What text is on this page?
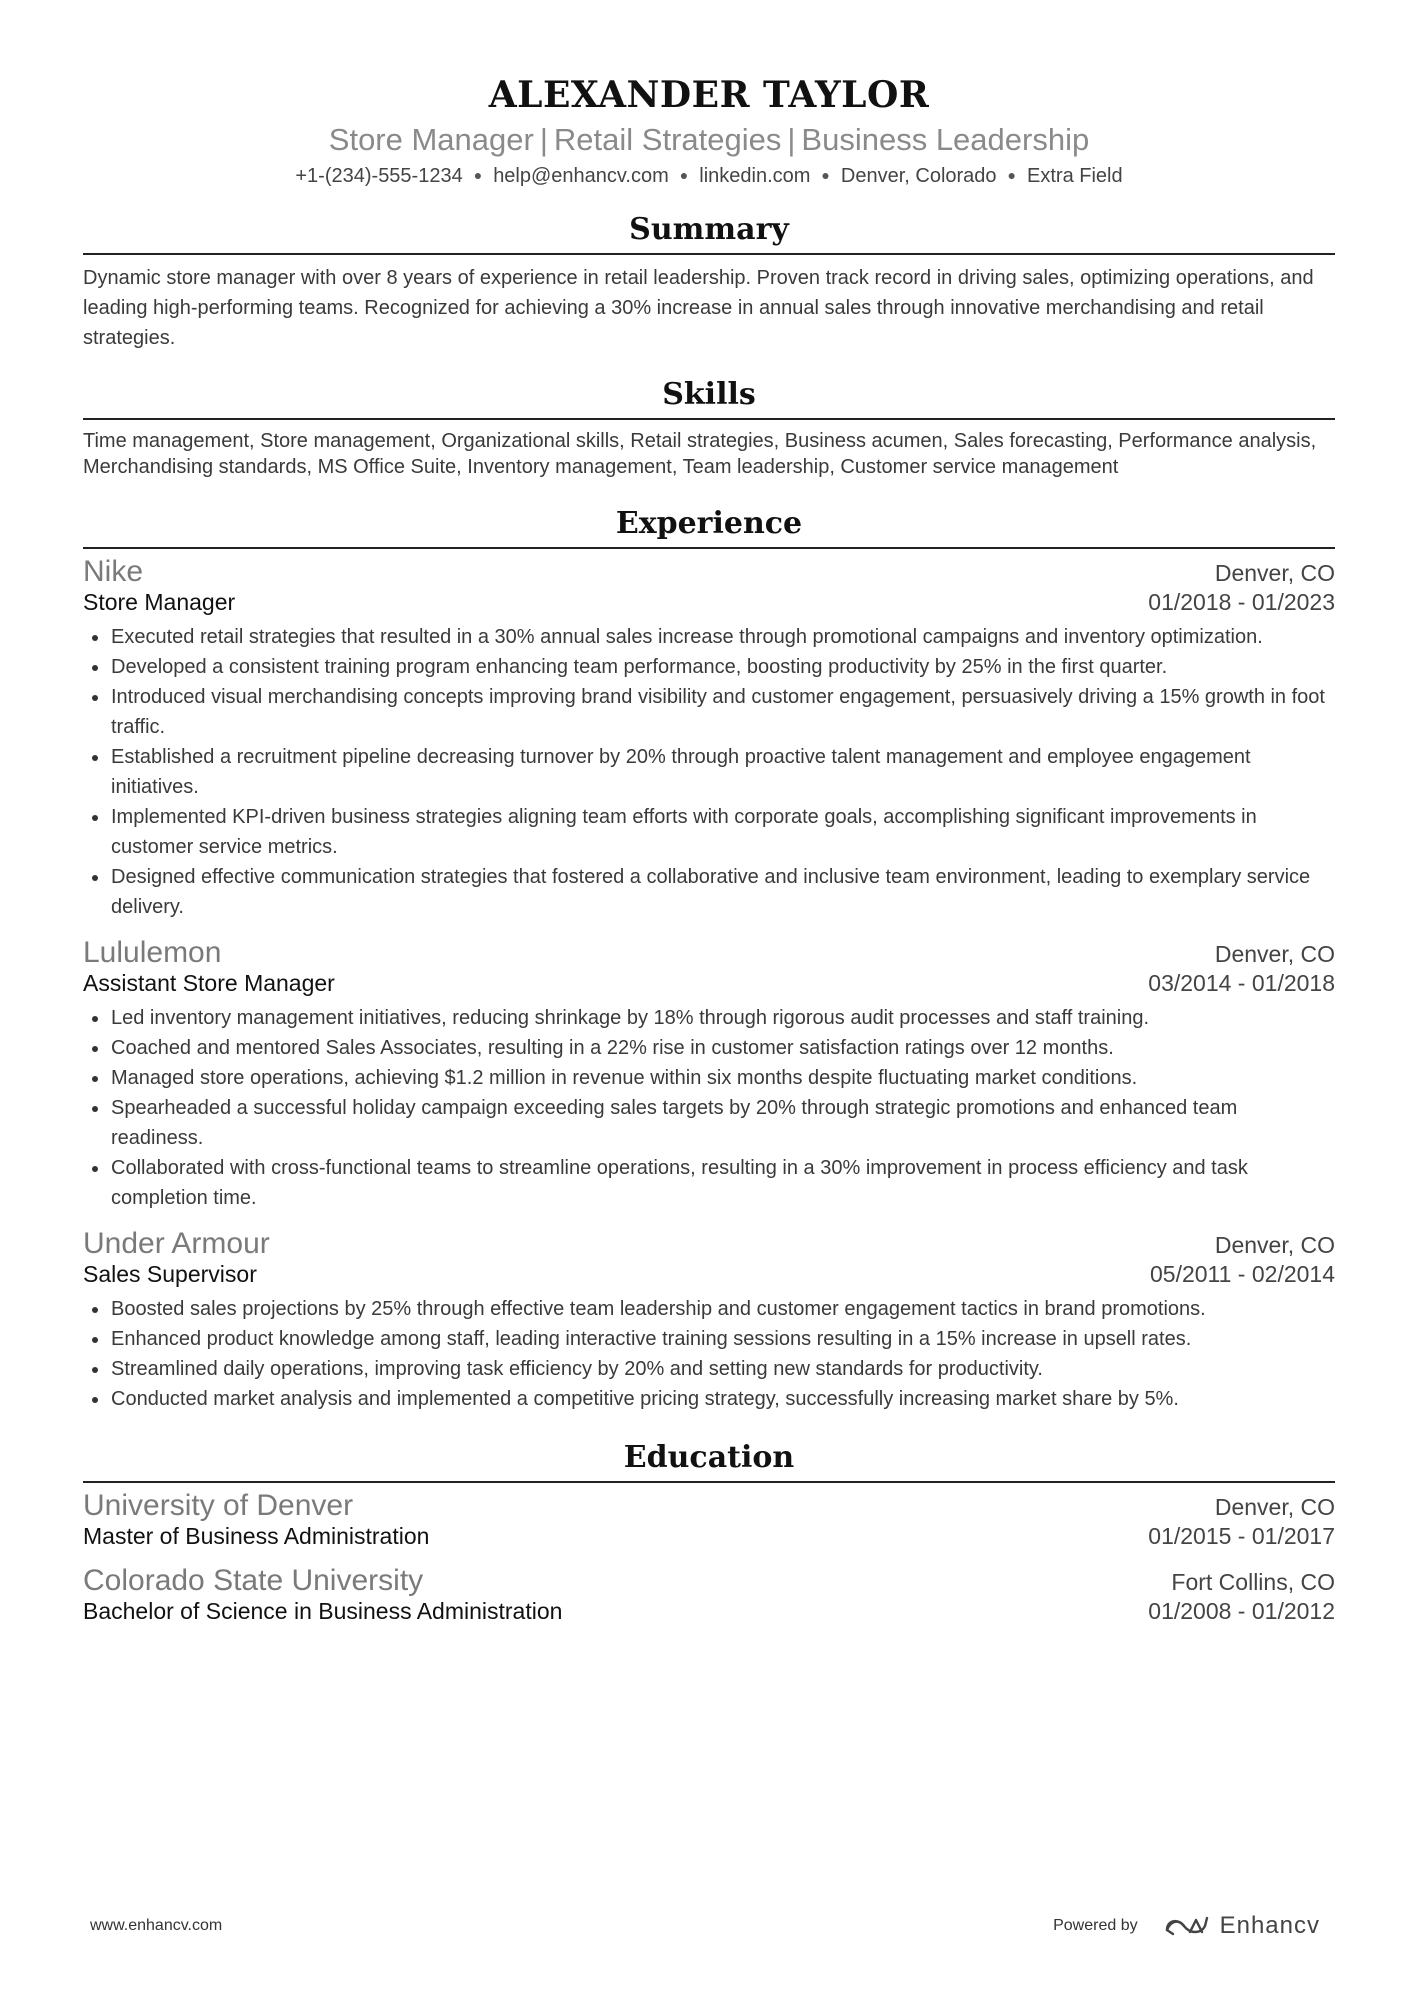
ALEXANDER TAYLOR
Store Manager | Retail Strategies | Business Leadership
+1-(234)-555-1234 ● help@enhancv.com ● linkedin.com ● Denver, Colorado ● Extra Field
Summary
Dynamic store manager with over 8 years of experience in retail leadership. Proven track record in driving sales, optimizing operations, and leading high-performing teams. Recognized for achieving a 30% increase in annual sales through innovative merchandising and retail strategies.
Skills
Time management, Store management, Organizational skills, Retail strategies, Business acumen, Sales forecasting, Performance analysis, Merchandising standards, MS Office Suite, Inventory management, Team leadership, Customer service management
Experience
Nike	Denver, CO
Store Manager	01/2018 - 01/2023
Executed retail strategies that resulted in a 30% annual sales increase through promotional campaigns and inventory optimization.
Developed a consistent training program enhancing team performance, boosting productivity by 25% in the first quarter.
Introduced visual merchandising concepts improving brand visibility and customer engagement, persuasively driving a 15% growth in foot traffic.
Established a recruitment pipeline decreasing turnover by 20% through proactive talent management and employee engagement initiatives.
Implemented KPI-driven business strategies aligning team efforts with corporate goals, accomplishing significant improvements in customer service metrics.
Designed effective communication strategies that fostered a collaborative and inclusive team environment, leading to exemplary service delivery.
Lululemon	Denver, CO
Assistant Store Manager	03/2014 - 01/2018
Led inventory management initiatives, reducing shrinkage by 18% through rigorous audit processes and staff training.
Coached and mentored Sales Associates, resulting in a 22% rise in customer satisfaction ratings over 12 months.
Managed store operations, achieving $1.2 million in revenue within six months despite fluctuating market conditions.
Spearheaded a successful holiday campaign exceeding sales targets by 20% through strategic promotions and enhanced team readiness.
Collaborated with cross-functional teams to streamline operations, resulting in a 30% improvement in process efficiency and task completion time.
Under Armour	Denver, CO
Sales Supervisor	05/2011 - 02/2014
Boosted sales projections by 25% through effective team leadership and customer engagement tactics in brand promotions.
Enhanced product knowledge among staff, leading interactive training sessions resulting in a 15% increase in upsell rates.
Streamlined daily operations, improving task efficiency by 20% and setting new standards for productivity.
Conducted market analysis and implemented a competitive pricing strategy, successfully increasing market share by 5%.
Education
University of Denver	Denver, CO
Master of Business Administration	01/2015 - 01/2017
Colorado State University	Fort Collins, CO
Bachelor of Science in Business Administration	01/2008 - 01/2012
www.enhancv.com	Powered by	Enhancv
